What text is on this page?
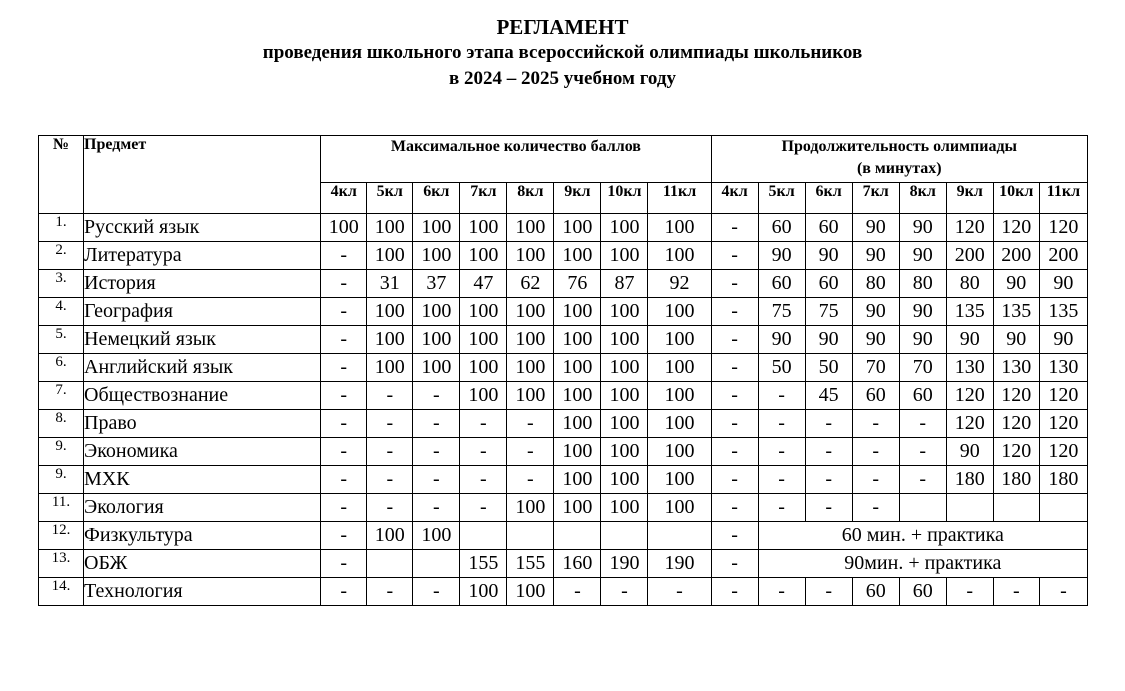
РЕГЛАМЕНТ
проведения школьного этапа всероссийской олимпиады школьников
в 2024 – 2025 учебном году
№	Предмет	Максимальное количество баллов								Продолжительность олимпиады
(в минутах)							

		4кл	5кл	6кл	7кл	8кл	9кл	10кл	11кл	4кл	5кл	6кл	7кл	8кл	9кл	10кл	11кл
1.	Русский язык	100	100	100	100	100	100	100	100	-	60	60	90	90	120	120	120
2.	Литература	-	100	100	100	100	100	100	100	-	90	90	90	90	200	200	200
3.	История	-	31	37	47	62	76	87	92	-	60	60	80	80	80	90	90
4.	География	-	100	100	100	100	100	100	100	-	75	75	90	90	135	135	135
5.	Немецкий язык	-	100	100	100	100	100	100	100	-	90	90	90	90	90	90	90
6.	Английский язык	-	100	100	100	100	100	100	100	-	50	50	70	70	130	130	130
7.	Обществознание	-	-	-	100	100	100	100	100	-	-	45	60	60	120	120	120
8.	Право	-	-	-	-	-	100	100	100	-	-	-	-	-	120	120	120
9.	Экономика	-	-	-	-	-	100	100	100	-	-	-	-	-	90	120	120
9.	МХК	-	-	-	-	-	100	100	100	-	-	-	-	-	180	180	180
11.	Экология	-	-	-	-	100	100	100	100	-	-	-	-				
12.	Физкультура	-	100	100						-	60 мин. + практика						
13.	ОБЖ	-			155	155	160	190	190	-	90мин. + практика						
14.	Технология	-	-	-	100	100	-	-	-	-	-	-	60	60	-	-	-
